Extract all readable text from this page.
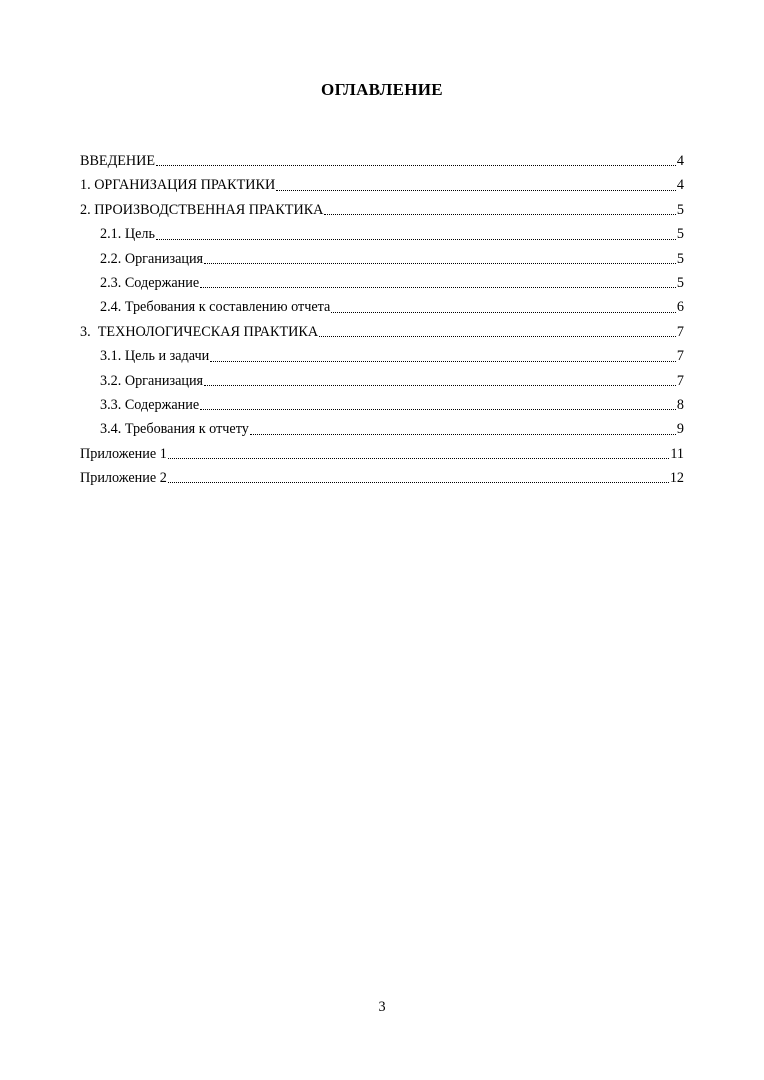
ОГЛАВЛЕНИЕ
ВВЕДЕНИЕ	4
1. ОРГАНИЗАЦИЯ ПРАКТИКИ	4
2. ПРОИЗВОДСТВЕННАЯ ПРАКТИКА	5
2.1. Цель	5
2.2. Организация	5
2.3. Содержание	5
2.4. Требования к составлению отчета	6
3.  ТЕХНОЛОГИЧЕСКАЯ ПРАКТИКА	7
3.1. Цель и задачи	7
3.2. Организация	7
3.3. Содержание	8
3.4. Требования к отчету	9
Приложение 1	11
Приложение 2	12
3
